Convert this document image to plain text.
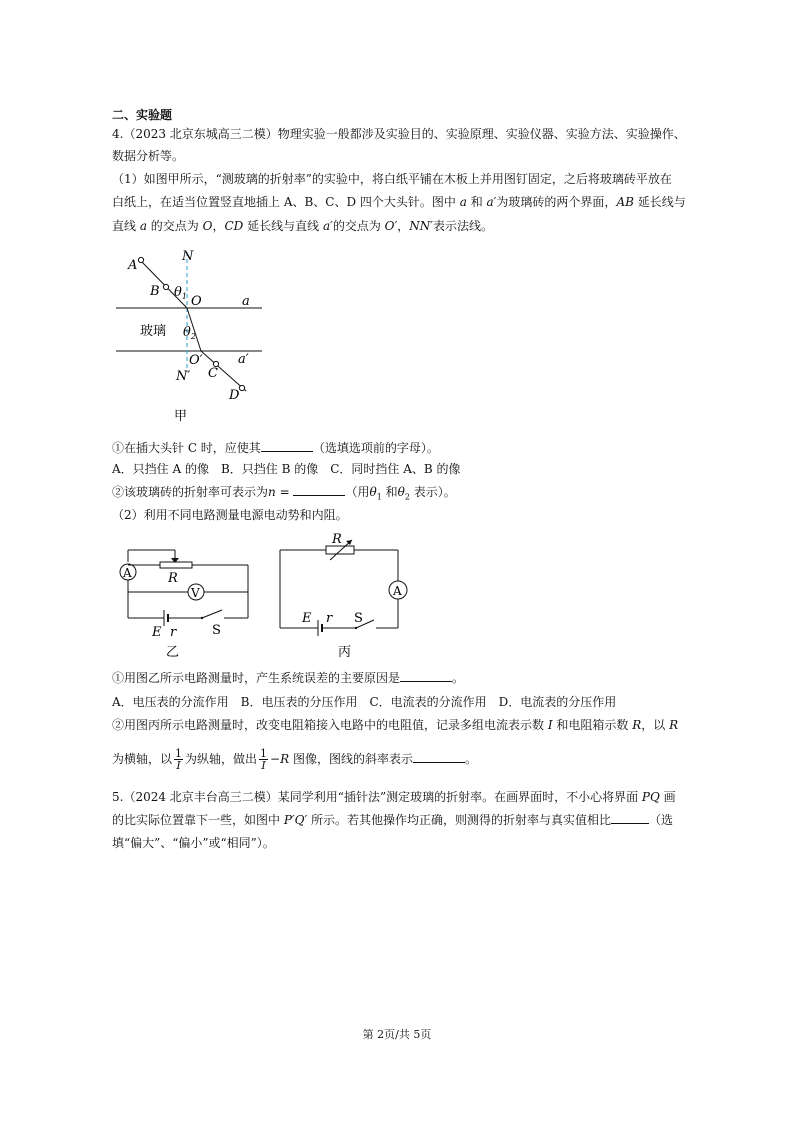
二、实验题
4.（2023 北京东城高三二模）物理实验一般都涉及实验目的、实验原理、实验仪器、实验方法、实验操作、
数据分析等。
（1）如图甲所示，“测玻璃的折射率”的实验中，将白纸平铺在木板上并用图钉固定，之后将玻璃砖平放在
白纸上，在适当位置竖直地插上 A、B、C、D 四个大头针。图中 a 和 a′为玻璃砖的两个界面，AB 延长线与
直线 a 的交点为 O，CD 延长线与直线 a′的交点为 O′，NN′表示法线。
A
B
N
$\theta_1$ O	a
玻璃 $\theta_2$
O′	a′
N′ C
D
甲
①在插大头针 C 时，应使其	（选填选项前的字母）。
A．只挡住 A 的像　B．只挡住 B 的像　C．同时挡住 A、B 的像
②该玻璃砖的折射率可表示为n =	（用$\theta_1$ 和$\theta_2$ 表示）。
（2）利用不同电路测量电源电动势和内阻。
A	R
V
E r	S
乙
R
A
E r S
丙
①用图乙所示电路测量时，产生系统误差的主要原因是	。
A．电压表的分流作用　B．电压表的分压作用　C．电流表的分流作用　D．电流表的分压作用
②用图丙所示电路测量时，改变电阻箱接入电路中的电阻值，记录多组电流表示数 I 和电阻箱示数 R，以 R
为横轴，以 $\frac{1}{I}$ 为纵轴，做出 $\frac{1}{I} -R$ 图像，图线的斜率表示	。
5.（2024 北京丰台高三二模）某同学利用“插针法”测定玻璃的折射率。在画界面时，不小心将界面 PQ 画
的比实际位置靠下一些，如图中 P′Q′ 所示。若其他操作均正确，则测得的折射率与真实值相比	（选
填“偏大”、“偏小”或“相同”）。
第 2页/共 5页
